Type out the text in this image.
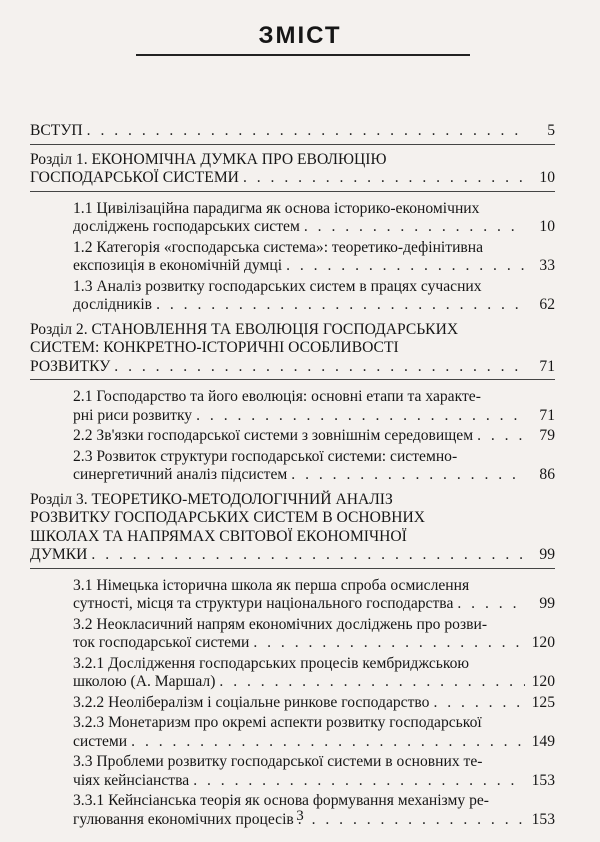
ЗМІСТ
ВСТУП . . .	5
Розділ 1. ЕКОНОМІЧНА ДУМКА ПРО ЕВОЛЮЦІЮ
ГОСПОДАРСЬКОЇ СИСТЕМИ . . .	10
1.1 Цивілізаційна парадигма як основа історико-економічних
досліджень господарських систем . . .	10
1.2 Категорія «господарська система»: теоретико-дефінітивна
експозиція в економічній думці . . .	33
1.3 Аналіз розвитку господарських систем в працях сучасних
дослідників . . .	62
Розділ 2. СТАНОВЛЕННЯ ТА ЕВОЛЮЦІЯ ГОСПОДАРСЬКИХ
СИСТЕМ: КОНКРЕТНО-ІСТОРИЧНІ ОСОБЛИВОСТІ
РОЗВИТКУ . . .	71
2.1 Господарство та його еволюція: основні етапи та характе-
рні риси розвитку . . .	71
2.2 Зв'язки господарської системи з зовнішнім середовищем . . .	79
2.3 Розвиток структури господарської системи: системно-
синергетичний аналіз підсистем . . .	86
Розділ 3. ТЕОРЕТИКО-МЕТОДОЛОГІЧНИЙ АНАЛІЗ
РОЗВИТКУ ГОСПОДАРСЬКИХ СИСТЕМ В ОСНОВНИХ
ШКОЛАХ ТА НАПРЯМАХ СВІТОВОЇ ЕКОНОМІЧНОЇ
ДУМКИ . . .	99
3.1 Німецька історична школа як перша спроба осмислення
сутності, місця та структури національного господарства . . .	99
3.2 Неокласичний напрям економічних досліджень про розви-
ток господарської системи . . .	120
3.2.1 Дослідження господарських процесів кембриджською
школою (А. Маршал) . . .	120
3.2.2 Неолібералізм і соціальне ринкове господарство . . .	125
3.2.3 Монетаризм про окремі аспекти розвитку господарської
системи . . .	149
3.3 Проблеми розвитку господарської системи в основних те-
чіях кейнсіанства . . .	153
3.3.1 Кейнсіанська теорія як основа формування механізму ре-
гулювання економічних процесів . . .	153
3
